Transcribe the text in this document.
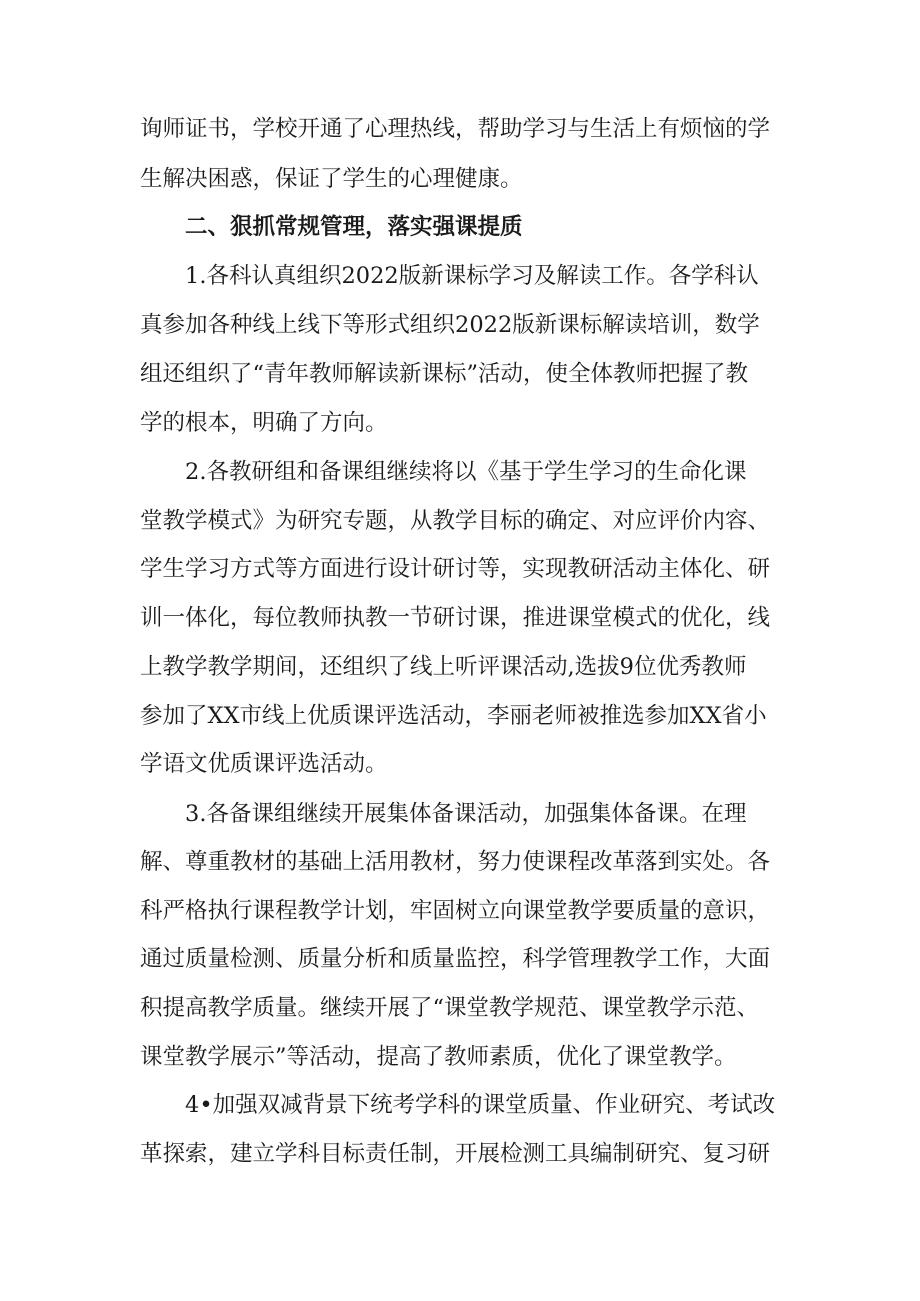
询师证书，学校开通了心理热线，帮助学习与生活上有烦恼的学
生解决困惑，保证了学生的心理健康。
二、狠抓常规管理，落实强课提质
1.各科认真组织2022版新课标学习及解读工作。各学科认
真参加各种线上线下等形式组织2022版新课标解读培训，数学
组还组织了“青年教师解读新课标”活动，使全体教师把握了教
学的根本，明确了方向。
2.各教研组和备课组继续将以《基于学生学习的生命化课
堂教学模式》为研究专题，从教学目标的确定、对应评价内容、
学生学习方式等方面进行设计研讨等，实现教研活动主体化、研
训一体化，每位教师执教一节研讨课，推进课堂模式的优化，线
上教学教学期间，还组织了线上听评课活动,选拔9位优秀教师
参加了XX市线上优质课评选活动，李丽老师被推选参加XX省小
学语文优质课评选活动。
3.各备课组继续开展集体备课活动，加强集体备课。在理
解、尊重教材的基础上活用教材，努力使课程改革落到实处。各
科严格执行课程教学计划，牢固树立向课堂教学要质量的意识，
通过质量检测、质量分析和质量监控，科学管理教学工作，大面
积提高教学质量。继续开展了“课堂教学规范、课堂教学示范、
课堂教学展示”等活动，提高了教师素质，优化了课堂教学。
4•加强双减背景下统考学科的课堂质量、作业研究、考试改
革探索，建立学科目标责任制，开展检测工具编制研究、复习研
